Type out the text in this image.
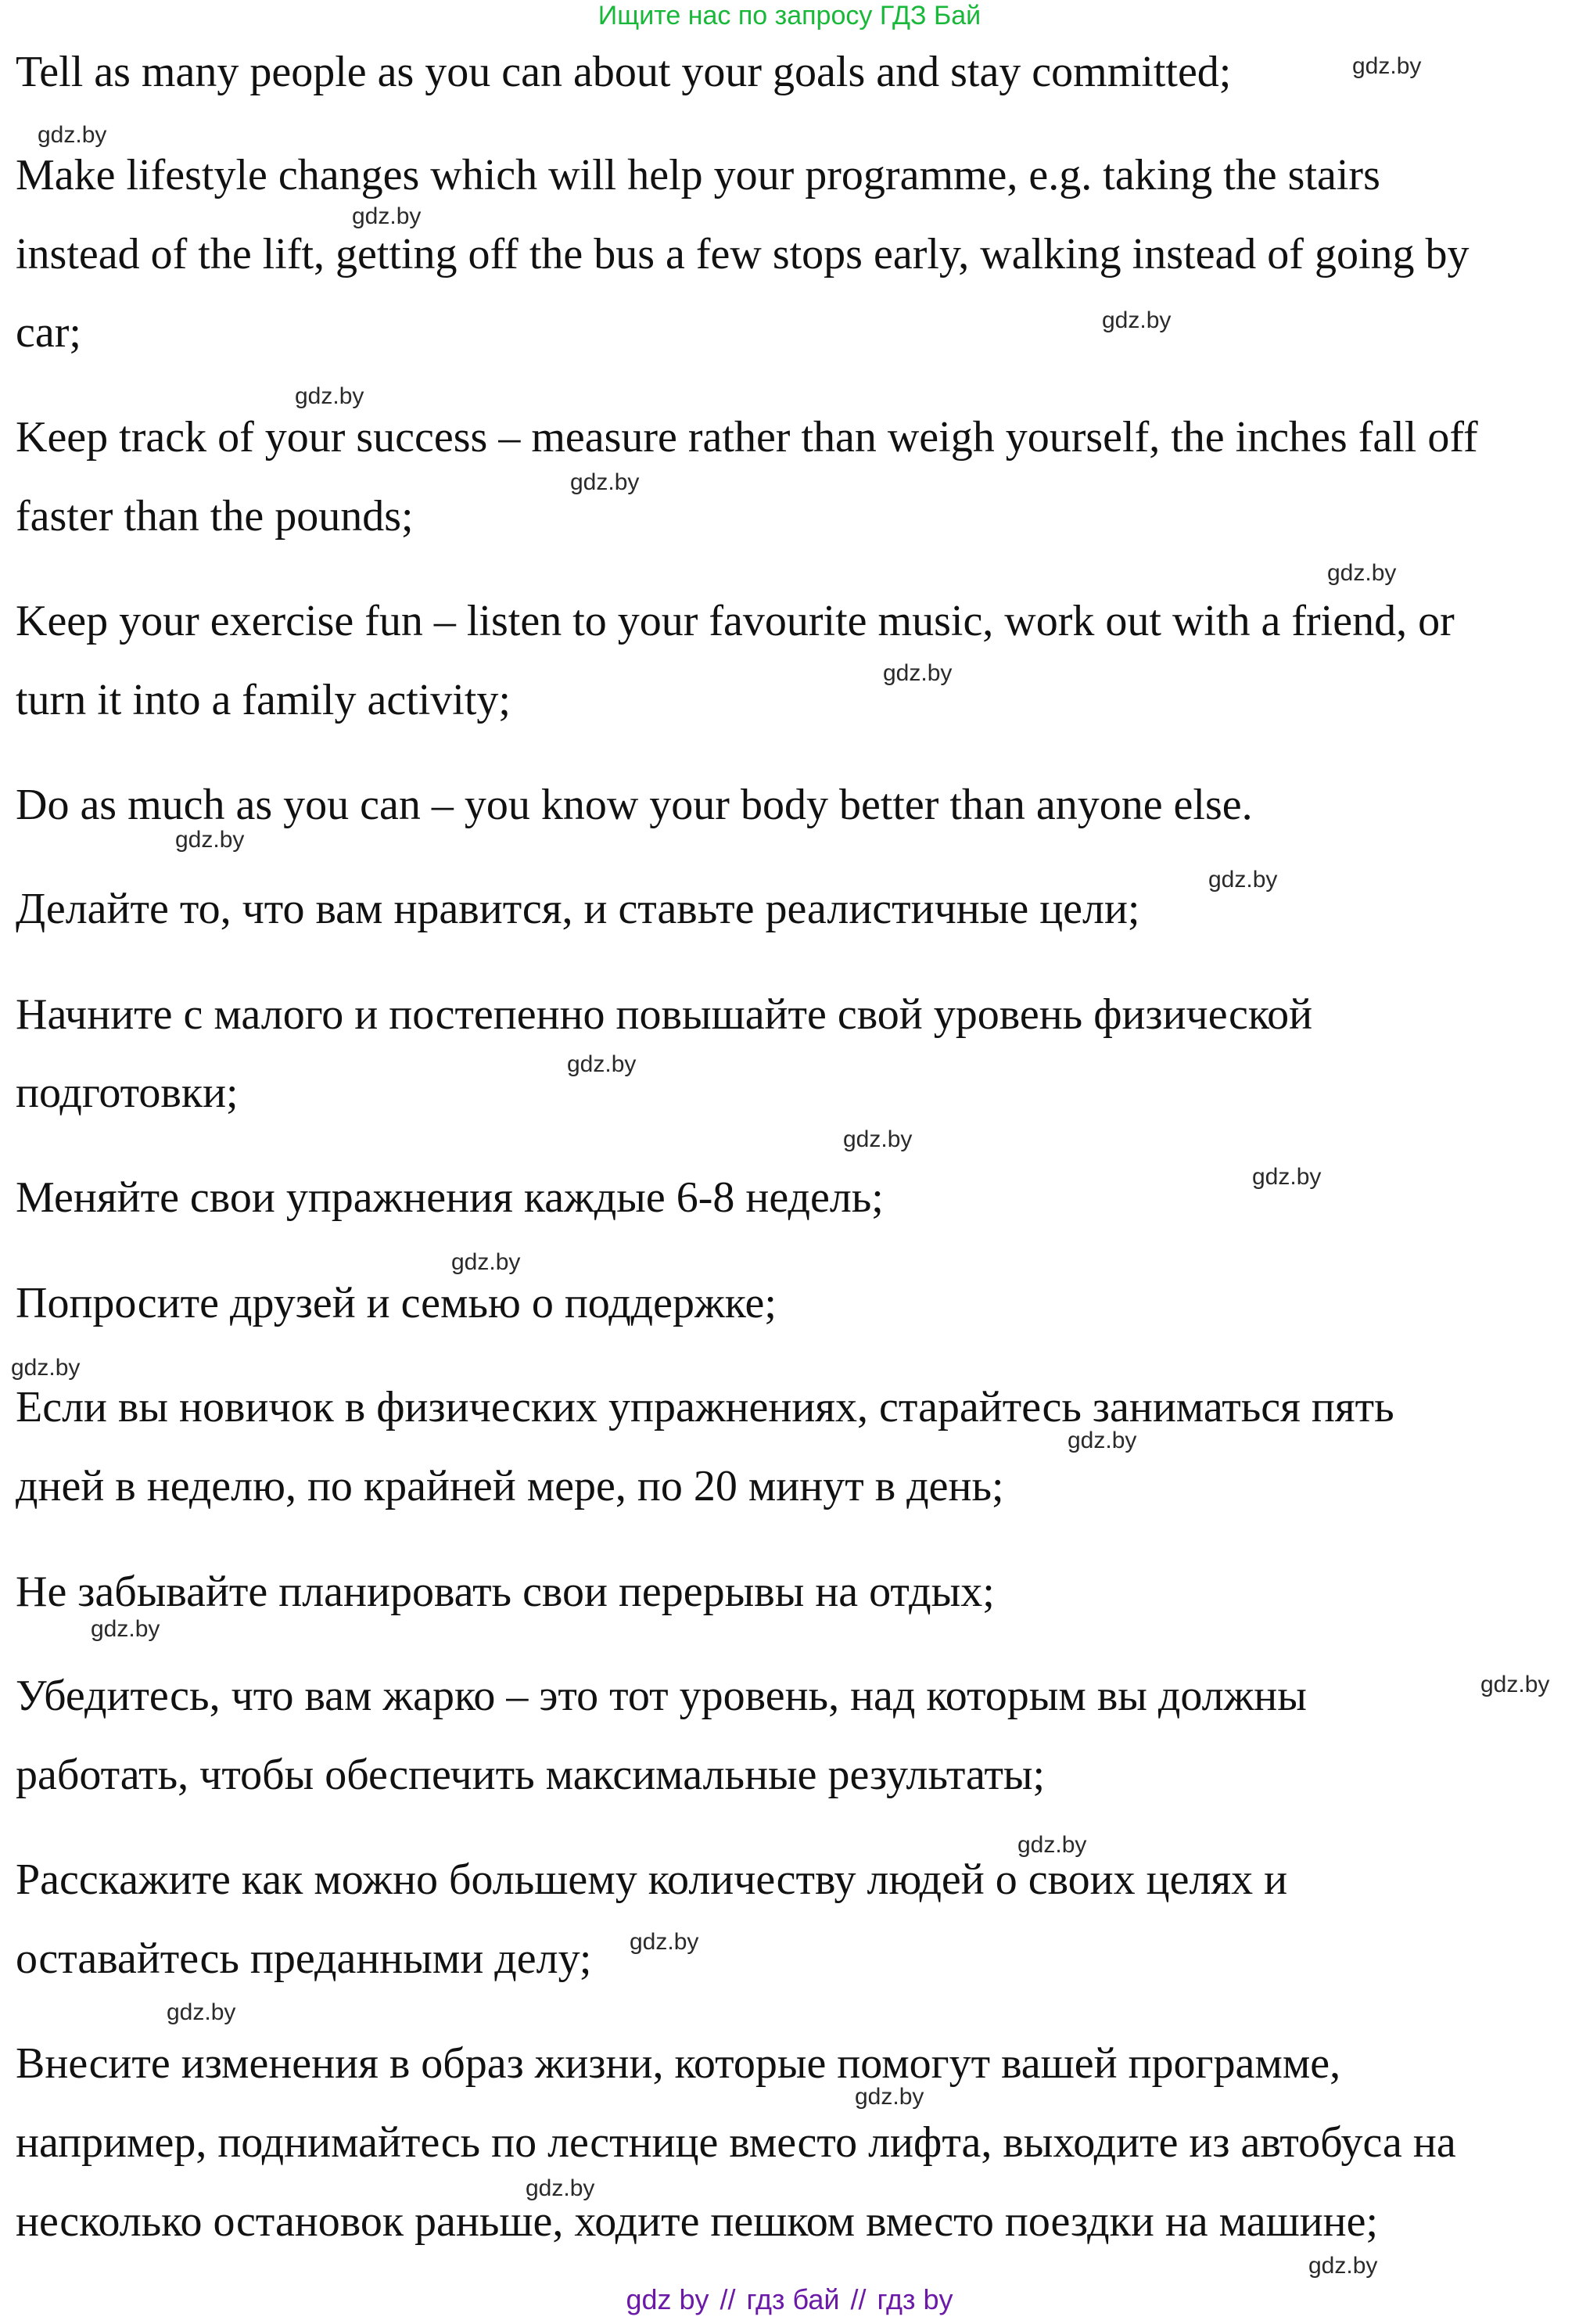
Ищите нас по запросу ГДЗ Бай
Tell as many people as you can about your goals and stay committed;
Make lifestyle changes which will help your programme, e.g. taking the stairs
instead of the lift, getting off the bus a few stops early, walking instead of going by
car;
Keep track of your success – measure rather than weigh yourself, the inches fall off
faster than the pounds;
Keep your exercise fun – listen to your favourite music, work out with a friend, or
turn it into a family activity;
Do as much as you can – you know your body better than anyone else.
Делайте то, что вам нравится, и ставьте реалистичные цели;
Начните с малого и постепенно повышайте свой уровень физической
подготовки;
Меняйте свои упражнения каждые 6-8 недель;
Попросите друзей и семью о поддержке;
Если вы новичок в физических упражнениях, старайтесь заниматься пять
дней в неделю, по крайней мере, по 20 минут в день;
Не забывайте планировать свои перерывы на отдых;
Убедитесь, что вам жарко – это тот уровень, над которым вы должны
работать, чтобы обеспечить максимальные результаты;
Расскажите как можно большему количеству людей о своих целях и
оставайтесь преданными делу;
Внесите изменения в образ жизни, которые помогут вашей программе,
например, поднимайтесь по лестнице вместо лифта, выходите из автобуса на
несколько остановок раньше, ходите пешком вместо поездки на машине;
gdz.by
gdz.by
gdz.by
gdz.by
gdz.by
gdz.by
gdz.by
gdz.by
gdz.by
gdz.by
gdz.by
gdz.by
gdz.by
gdz.by
gdz.by
gdz.by
gdz.by
gdz.by
gdz.by
gdz.by
gdz.by
gdz.by
gdz.by
gdz.by
gdz by // гдз бай // гдз by
